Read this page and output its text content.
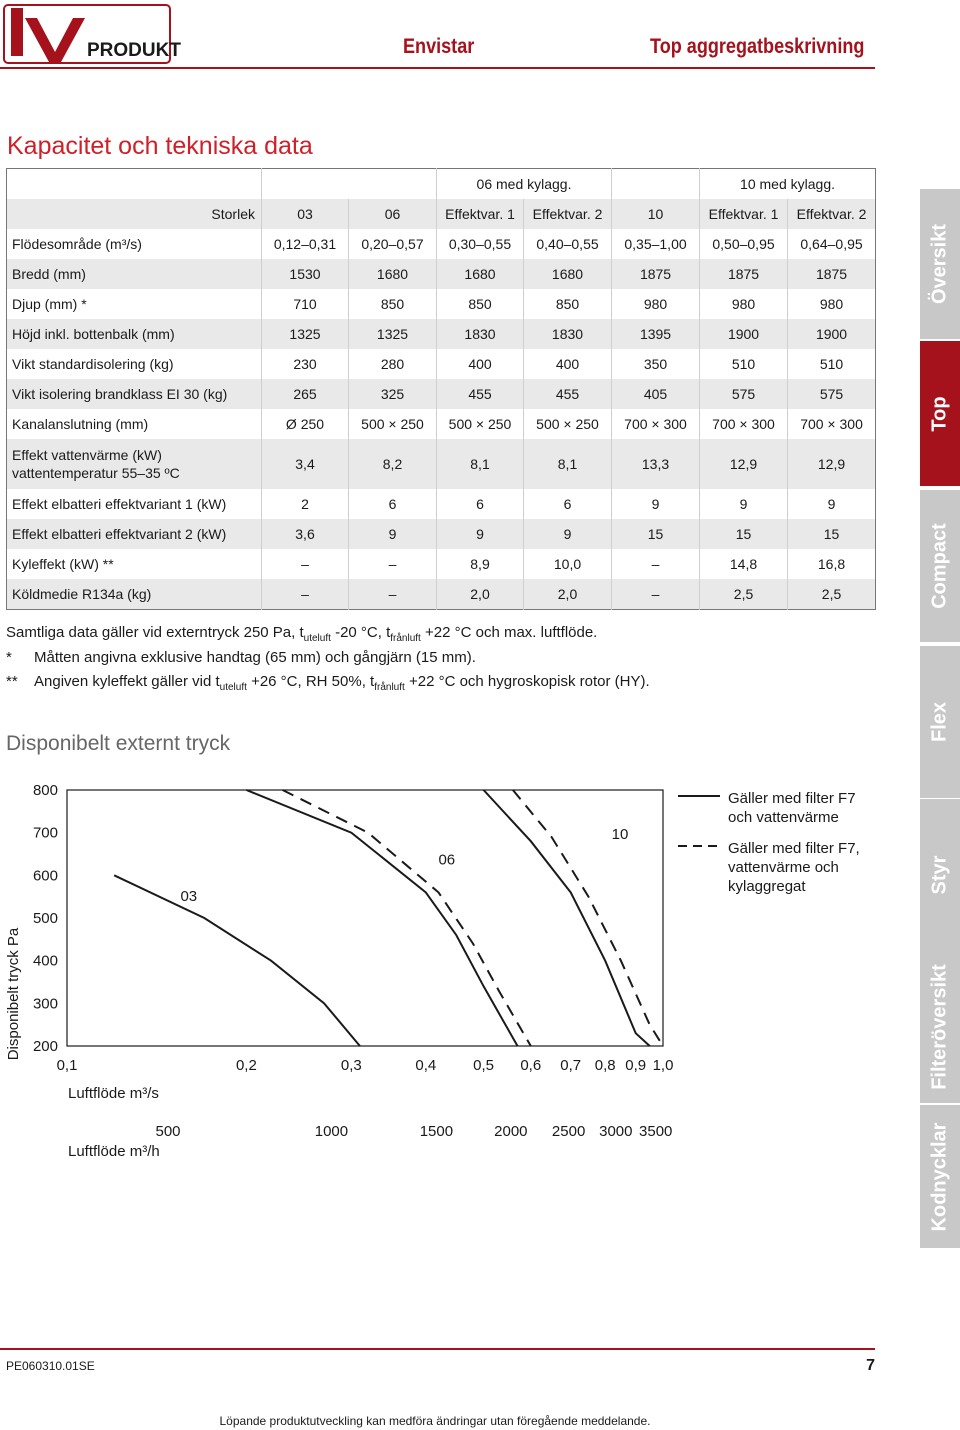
PRODUKT	Envistar	Top aggregatbeskrivning
Kapacitet och tekniska data
			06 med kylagg.			10 med kylagg.	
Storlek	03	06	Effektvar. 1	Effektvar. 2	10	Effektvar. 1	Effektvar. 2
Flödesområde (m³/s)	0,12–0,31	0,20–0,57	0,30–0,55	0,40–0,55	0,35–1,00	0,50–0,95	0,64–0,95
Bredd (mm)	1530	1680	1680	1680	1875	1875	1875
Djup (mm) *	710	850	850	850	980	980	980
Höjd inkl. bottenbalk (mm)	1325	1325	1830	1830	1395	1900	1900
Vikt standardisolering (kg)	230	280	400	400	350	510	510
Vikt isolering brandklass EI 30 (kg)	265	325	455	455	405	575	575
Kanalanslutning (mm)	Ø 250	500 × 250	500 × 250	500 × 250	700 × 300	700 × 300	700 × 300
Effekt vattenvärme (kW) vattentemperatur 55–35 ºC	3,4	8,2	8,1	8,1	13,3	12,9	12,9
Effekt elbatteri effektvariant 1 (kW)	2	6	6	6	9	9	9
Effekt elbatteri effektvariant 2 (kW)	3,6	9	9	9	15	15	15
Kyleffekt (kW) **	–	–	8,9	10,0	–	14,8	16,8
Köldmedie R134a (kg)	–	–	2,0	2,0	–	2,5	2,5
Samtliga data gäller vid externtryck 250 Pa, $t_{uteluft}$ -20 °C, $t_{frånluft} +22$ °C och max. luftflöde.
* Måtten angivna exklusive handtag (65 mm) och gångjärn (15 mm).
** Angiven kyleffekt gäller vid $t_{uteluft} +26$ °C, RH 50%, $t_{frånluft} +22$ °C och hygroskopisk rotor (HY).
Disponibelt externt tryck
800
700
600
500
400
300
200
0,1	0,2	0,3	0,4 0,5 0,6 0,7 0,8 0,9 1,0
500	1000	1500	2000 2500 3000 3500
03
06
10
Disponibelt tryck Pa
Luftflöde m³/s
Luftflöde m³/h
Gäller med filter F7 och vattenvärme
Gäller med filter F7, vattenvärme och kylaggregat
Översikt
Top
Compact
Flex
Styr
Filteröversikt
Kodnycklar
PE060310.01SE	7
Löpande produktutveckling kan medföra ändringar utan föregående meddelande.
